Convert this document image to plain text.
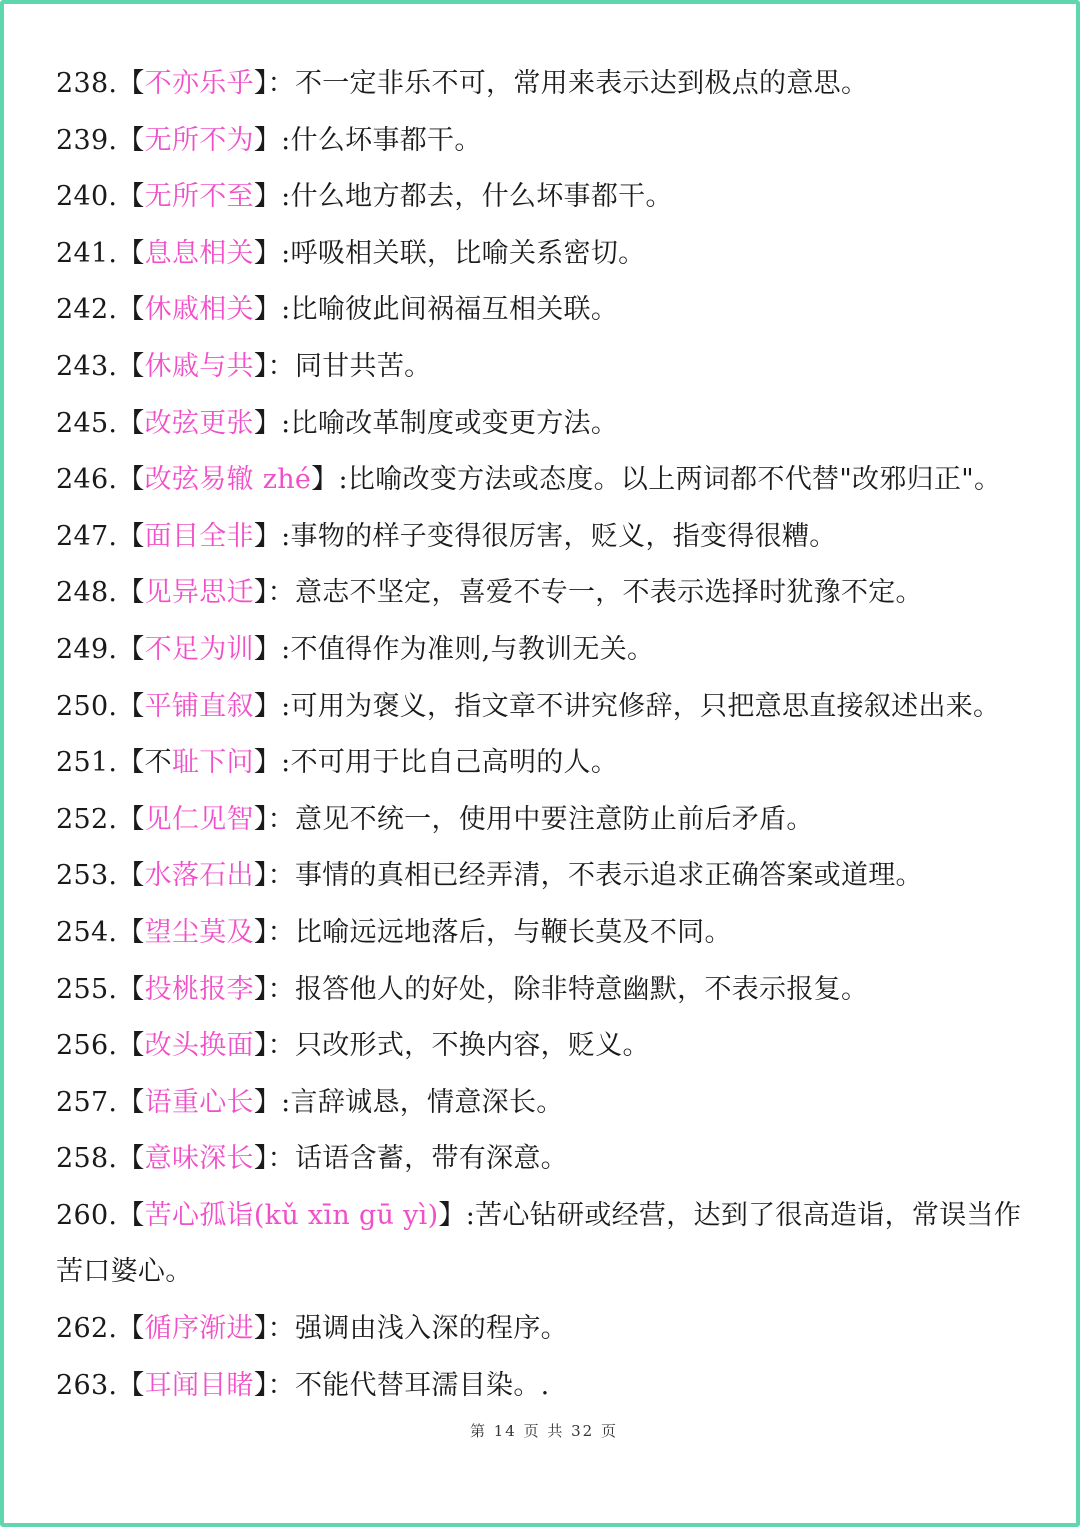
238.【不亦乐乎】：不一定非乐不可，常用来表示达到极点的意思。
239.【无所不为】:什么坏事都干。
240.【无所不至】:什么地方都去，什么坏事都干。
241.【息息相关】:呼吸相关联，比喻关系密切。
242.【休戚相关】:比喻彼此间祸福互相关联。
243.【休戚与共】：同甘共苦。
245.【改弦更张】:比喻改革制度或变更方法。
246.【改弦易辙 zhé】:比喻改变方法或态度。以上两词都不代替"改邪归正"。
247.【面目全非】:事物的样子变得很厉害，贬义，指变得很糟。
248.【见异思迁】：意志不坚定，喜爱不专一，不表示选择时犹豫不定。
249.【不足为训】:不值得作为准则,与教训无关。
250.【平铺直叙】:可用为褒义，指文章不讲究修辞，只把意思直接叙述出来。
251.【不耻下问】:不可用于比自己高明的人。
252.【见仁见智】：意见不统一，使用中要注意防止前后矛盾。
253.【水落石出】：事情的真相已经弄清，不表示追求正确答案或道理。
254.【望尘莫及】：比喻远远地落后，与鞭长莫及不同。
255.【投桃报李】：报答他人的好处，除非特意幽默，不表示报复。
256.【改头换面】：只改形式，不换内容，贬义。
257.【语重心长】:言辞诚恳，情意深长。
258.【意味深长】：话语含蓄，带有深意。
260.【苦心孤诣(kǔ xīn gū yì)】:苦心钻研或经营，达到了很高造诣，常误当作苦口婆心。
262.【循序渐进】：强调由浅入深的程序。
263.【耳闻目睹】：不能代替耳濡目染。.
第 14 页 共 32 页
